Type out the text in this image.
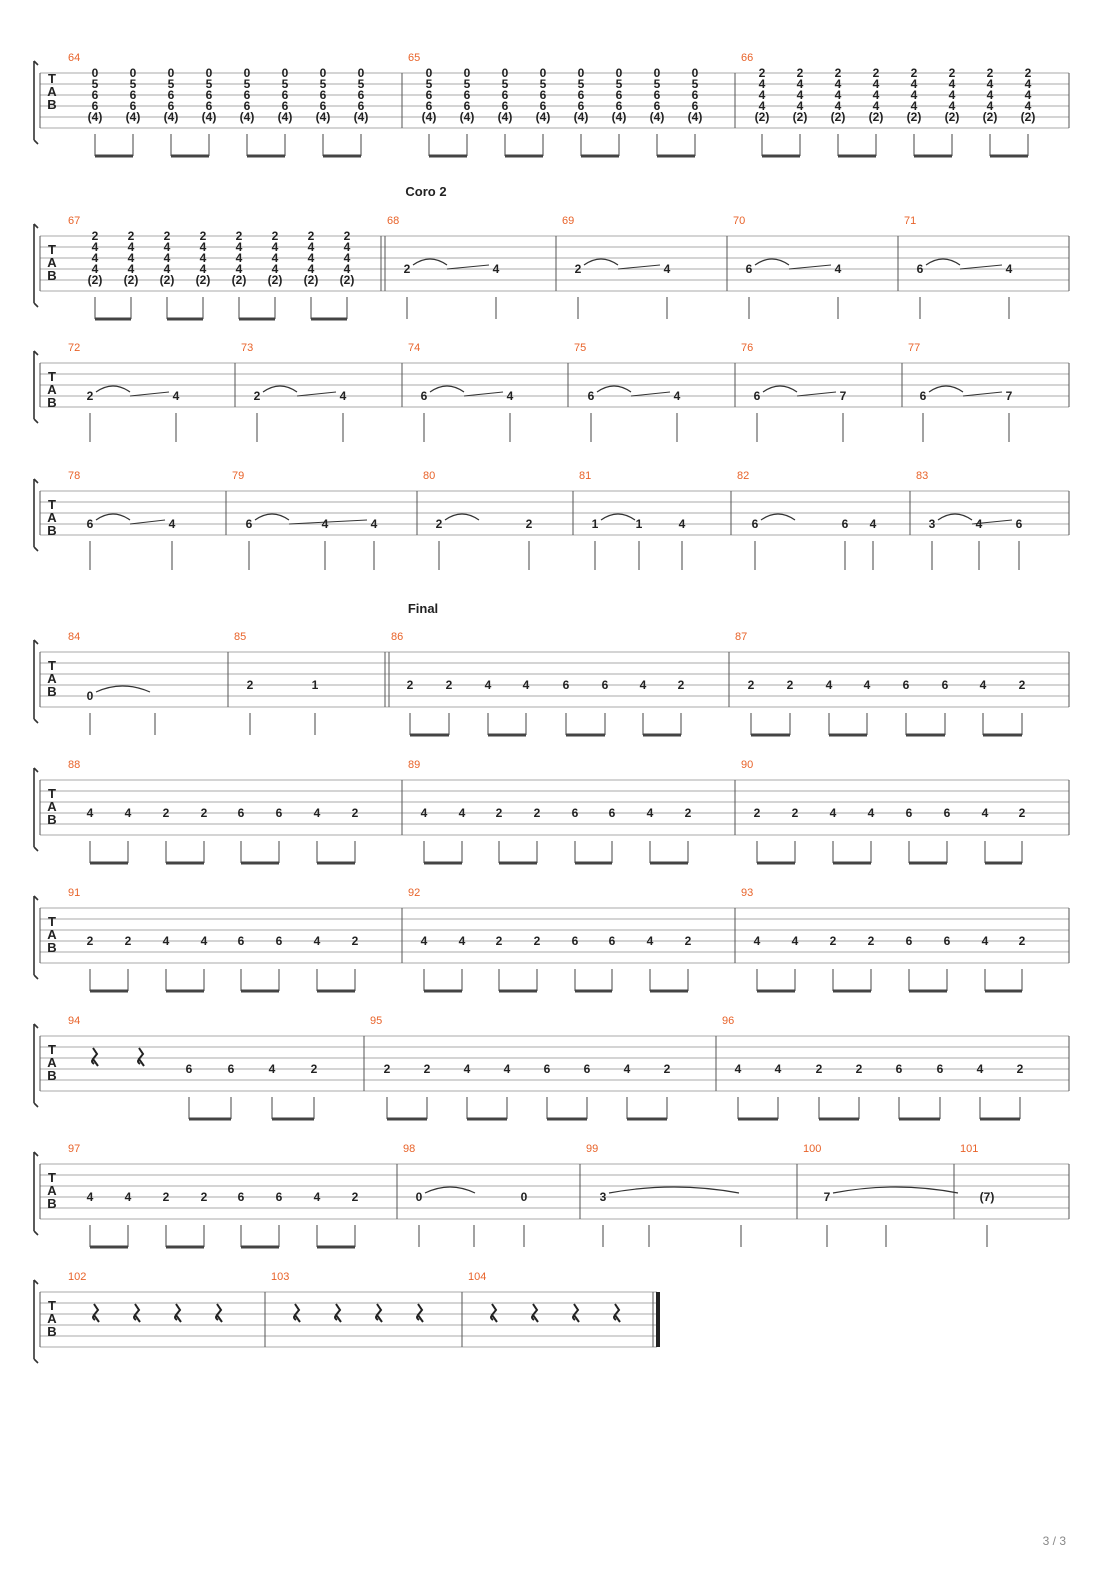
T
A
B
64
0
5
6
6
(4)
0
5
6
6
(4)
0
5
6
6
(4)
0
5
6
6
(4)
0
5
6
6
(4)
0
5
6
6
(4)
0
5
6
6
(4)
0
5
6
6
(4)
65
0
5
6
6
(4)
0
5
6
6
(4)
0
5
6
6
(4)
0
5
6
6
(4)
0
5
6
6
(4)
0
5
6
6
(4)
0
5
6
6
(4)
0
5
6
6
(4)
66
2
4
4
4
(2)
2
4
4
4
(2)
2
4
4
4
(2)
2
4
4
4
(2)
2
4
4
4
(2)
2
4
4
4
(2)
2
4
4
4
(2)
2
4
4
4
(2)
T
A
B
67
2
4
4
4
(2)
2
4
4
4
(2)
2
4
4
4
(2)
2
4
4
4
(2)
2
4
4
4
(2)
2
4
4
4
(2)
2
4
4
4
(2)
2
4
4
4
(2)
68
2	4
69
2	4
70
6	4
71
6	4
T
A
B
72
2	4
73
2	4
74
6	4
75
6	4
76
6	7
77
6	7
T
A
B
78
6	4
79
6	4	4
80
2	2
81
1	1	4
82
6	6 4
83
3	4	6
T
A
B
84
0
85
2	1
86
2	2	4	4	6	6	4	2
87
2	2	4	4	6	6	4	2
T
A
B
88
4	4	2	2	6	6	4	2
89
4	4	2	2	6	6	4	2
90
2	2	4	4	6	6	4	2
T
A
B
91
2	2	4	4	6	6	4	2
92
4	4	2	2	6	6	4	2
93
4	4	2	2	6	6	4	2
T
A
B
94
6	6	4	2
95
2	2	4	4	6	6	4	2
96
4	4	2	2	6	6	4	2
T
A
B
97
4	4	2	2	6	6	4	2
98
0	0
99
3
100
7
101
(7)
T
A
B
102	103	104
Coro 2
Final
3 / 3
